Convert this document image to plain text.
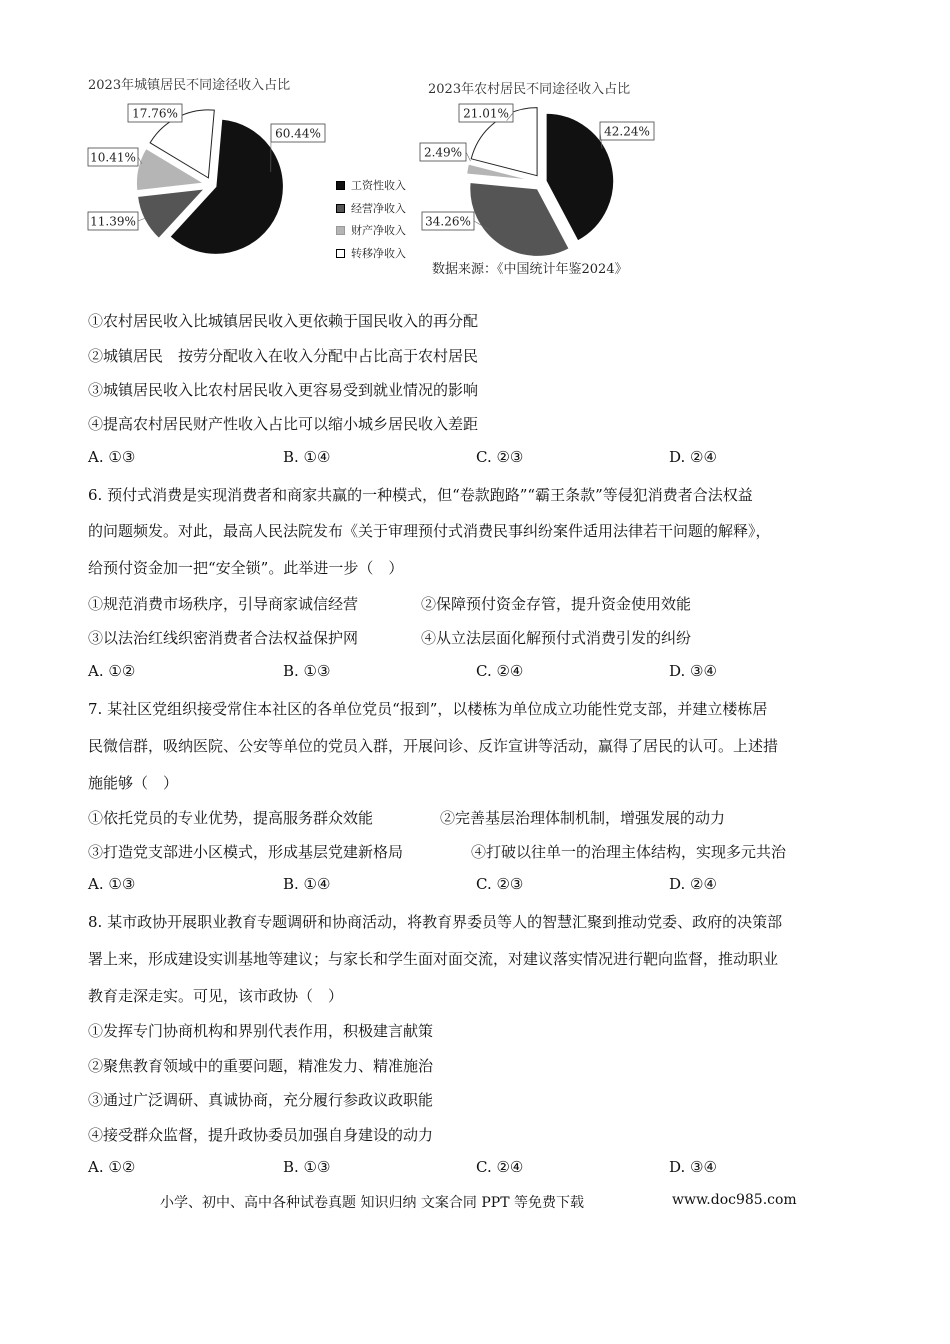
2023年城镇居民不同途径收入占比	2023年农村居民不同途径收入占比
60.44%
11.39%
10.41%
17.76%
42.24%
34.26%
2.49%
21.01%
工资性收入
经营净收入
财产净收入
转移净收入
数据来源：《中国统计年鉴2024》
①农村居民收入比城镇居民收入更依赖于国民收入的再分配
②城镇居民　按劳分配收入在收入分配中占比高于农村居民
③城镇居民收入比农村居民收入更容易受到就业情况的影响
④提高农村居民财产性收入占比可以缩小城乡居民收入差距
A. ①③	B. ①④	C. ②③	D. ②④
6. 预付式消费是实现消费者和商家共赢的一种模式，但“卷款跑路”“霸王条款”等侵犯消费者合法权益
的问题频发。对此，最高人民法院发布《关于审理预付式消费民事纠纷案件适用法律若干问题的解释》，
给预付资金加一把“安全锁”。此举进一步（　）
①规范消费市场秩序，引导商家诚信经营	②保障预付资金存管，提升资金使用效能
③以法治红线织密消费者合法权益保护网	④从立法层面化解预付式消费引发的纠纷
A. ①②	B. ①③	C. ②④	D. ③④
7. 某社区党组织接受常住本社区的各单位党员“报到”，以楼栋为单位成立功能性党支部，并建立楼栋居
民微信群，吸纳医院、公安等单位的党员入群，开展问诊、反诈宣讲等活动，赢得了居民的认可。上述措
施能够（　）
①依托党员的专业优势，提高服务群众效能	②完善基层治理体制机制，增强发展的动力
③打造党支部进小区模式，形成基层党建新格局	④打破以往单一的治理主体结构，实现多元共治
A. ①③	B. ①④	C. ②③	D. ②④
8. 某市政协开展职业教育专题调研和协商活动，将教育界委员等人的智慧汇聚到推动党委、政府的决策部
署上来，形成建设实训基地等建议；与家长和学生面对面交流，对建议落实情况进行靶向监督，推动职业
教育走深走实。可见，该市政协（　）
①发挥专门协商机构和界别代表作用，积极建言献策
②聚焦教育领域中的重要问题，精准发力、精准施治
③通过广泛调研、真诚协商，充分履行参政议政职能
④接受群众监督，提升政协委员加强自身建设的动力
A. ①②	B. ①③	C. ②④	D. ③④
小学、初中、高中各种试卷真题 知识归纳 文案合同 PPT 等免费下载	www.doc985.com
